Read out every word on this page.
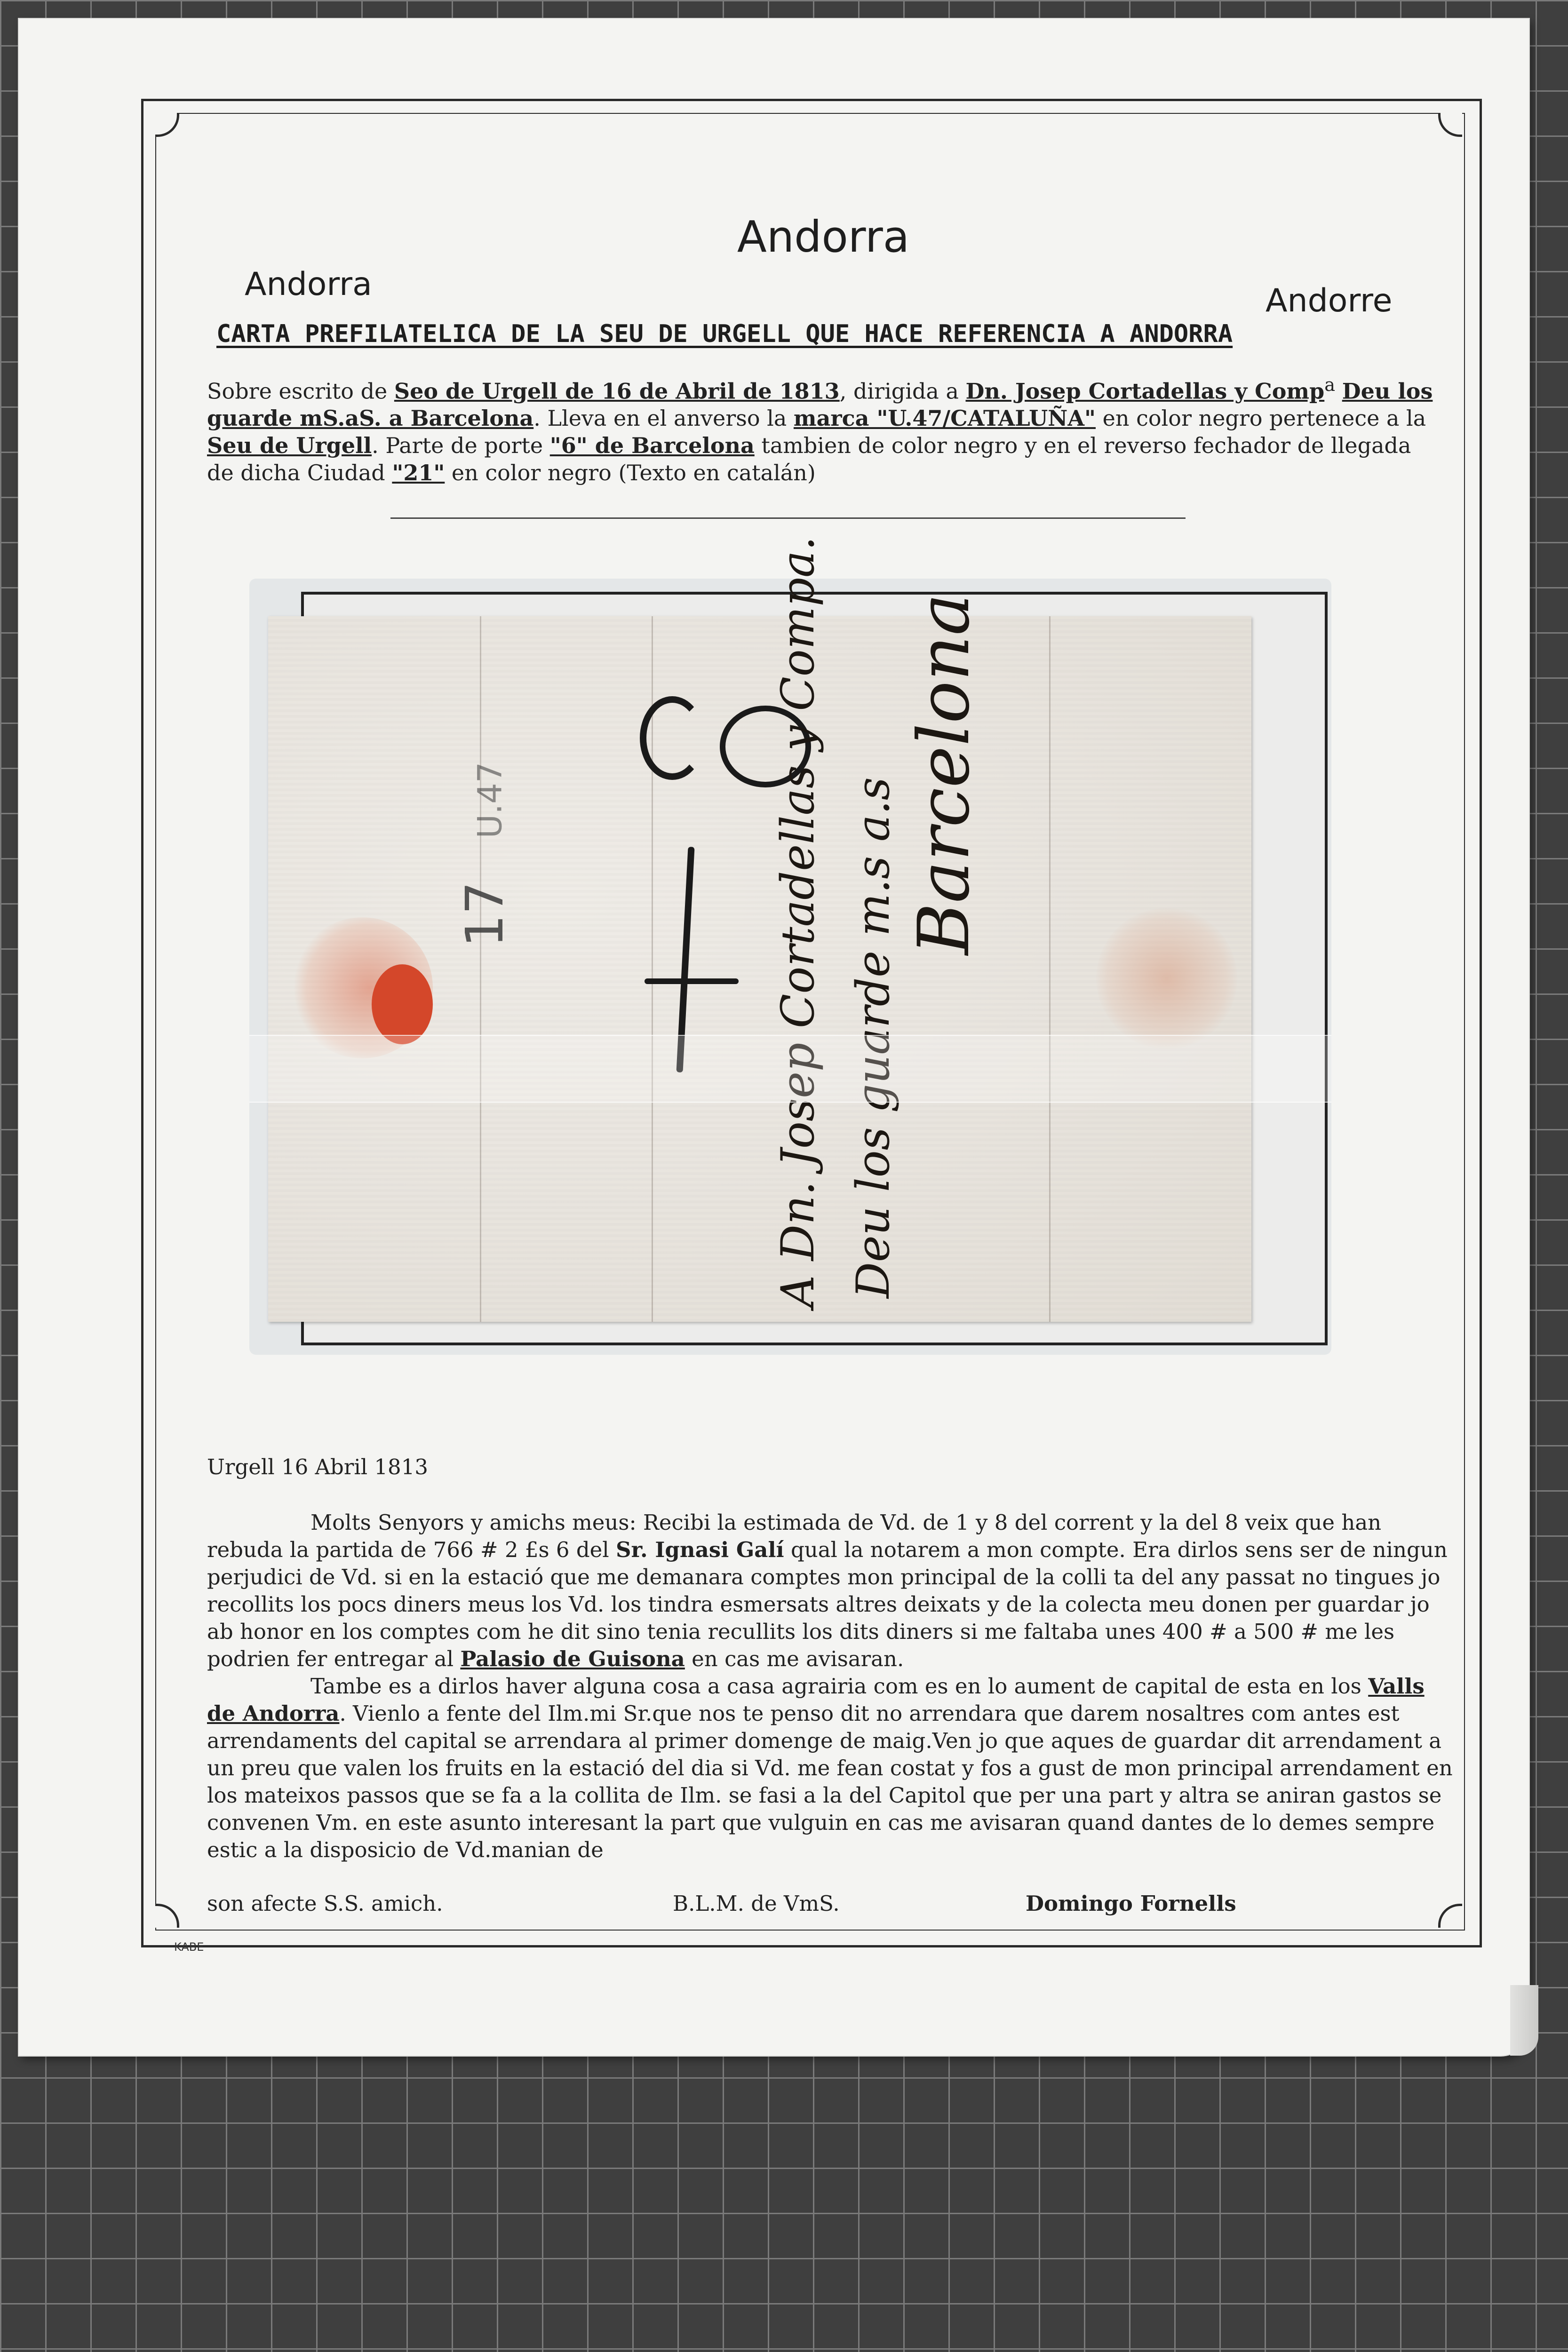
Andorra
Andorra	Andorre
CARTA PREFILATELICA DE LA SEU DE URGELL QUE HACE REFERENCIA A ANDORRA
Sobre escrito de Seo de Urgell de 16 de Abril de 1813, dirigida a Dn. Josep Cortadellas y Comp$^a$ Deu los guarde mS.aS. a Barcelona. Lleva en el anverso la marca "U.47/CATALUÑA" en color negro pertenece a la Seu de Urgell. Parte de porte "6" de Barcelona tambien de color negro y en el reverso fechador de llegada de dicha Ciudad "21" en color negro (Texto en catalán)
17
U.47	A Dn. Josep Cortadellas y Compa. Deu los guarde m.s a.s
Barcelona

Urgell 16 Abril 1813

Molts Senyors y amichs meus: Recibi la estimada de Vd. de 1 y 8 del corrent y la del 8 veix que han rebuda la partida de 766 # 2 £s 6 del Sr. Ignasi Galí qual la notarem a mon compte. Era dirlos sens ser de ningun perjudici de Vd. si en la estació que me demanara comptes mon principal de la colli ta del any passat no tingues jo recollits los pocs diners meus los Vd. los tindra esmersats altres deixats y de la colecta meu donen per guardar jo ab honor en los comptes com he dit sino tenia recullits los dits diners si me faltaba unes 400 # a 500 # me les podrien fer entregar al Palasio de Guisona en cas me avisaran.

Tambe es a dirlos haver alguna cosa a casa agrairia com es en lo aument de capital de esta en los Valls de Andorra. Vienlo a fente del Ilm.mi Sr.que nos te penso dit no arrendara que darem nosaltres com antes est arrendaments del capital se arrendara al primer domenge de maig.Ven jo que aques de guardar dit arrendament a un preu que valen los fruits en la estació del dia si Vd. me fean costat y fos a gust de mon principal arrendament en los mateixos passos que se fa a la collita de Ilm. se fasi a la del Capitol que per una part y altra se aniran gastos se convenen Vm. en este asunto interesant la part que vulguin en cas me avisaran quand dantes de lo demes sempre estic a la disposicio de Vd.manian de

son afecte S.S. amich.	B.L.M. de VmS.	Domingo Fornells
KABE
